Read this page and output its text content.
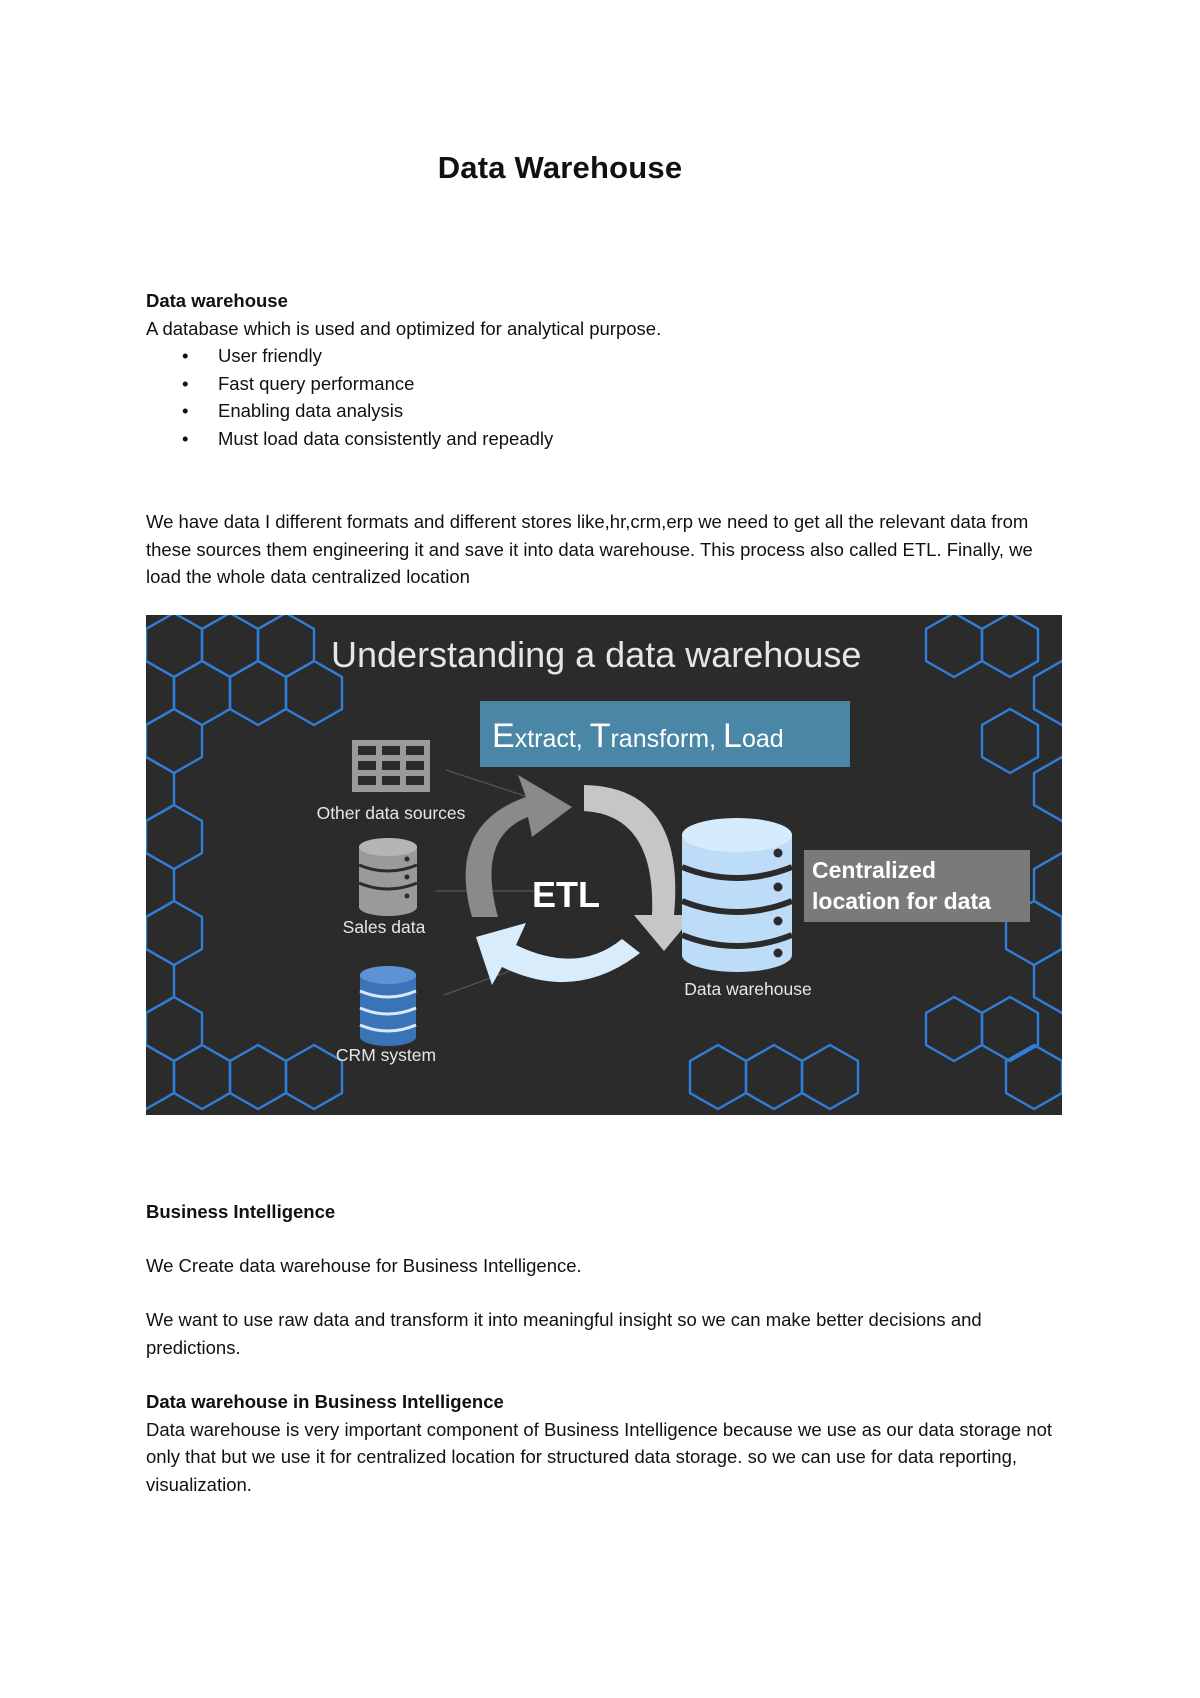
Data Warehouse
Data warehouse

A database which is used and optimized for analytical purpose.

• User friendly
• Fast query performance
• Enabling data analysis
• Must load data consistently and repeadly

We have data I different formats and different stores like,hr,crm,erp we need to get all the relevant data from these sources them engineering it and save it into data warehouse. This process also called ETL. Finally, we load the whole data centralized location

Understanding a data warehouse
Extract, Transform, Load
Other data sources
Sales data
CRM system
ETL
Data warehouse
Centralized
location for data
Business Intelligence

We Create data warehouse for Business Intelligence.

We want to use raw data and transform it into meaningful insight so we can make better decisions and predictions.

Data warehouse in Business Intelligence

Data warehouse is very important component of Business Intelligence because we use as our data storage not only that but we use it for centralized location for structured data storage. so we can use for data reporting, visualization.
